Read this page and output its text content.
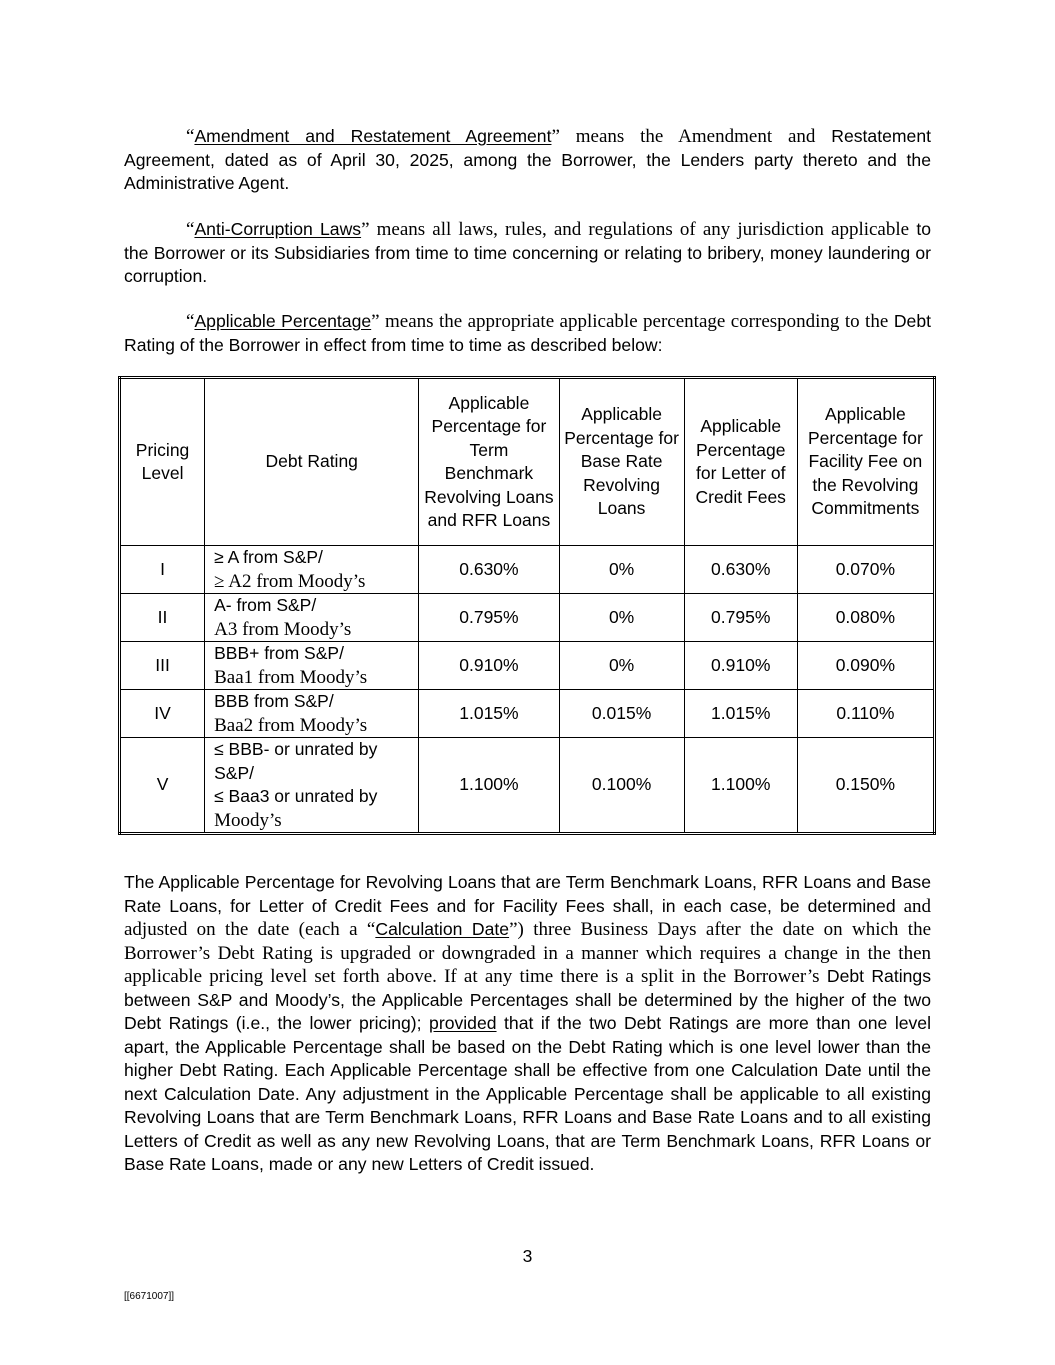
“Amendment and Restatement Agreement” means the Amendment and Restatement Agreement, dated as of April 30, 2025, among the Borrower, the Lenders party thereto and the Administrative Agent.

“Anti-Corruption Laws” means all laws, rules, and regulations of any jurisdiction applicable to the Borrower or its Subsidiaries from time to time concerning or relating to bribery, money laundering or corruption.

“Applicable Percentage” means the appropriate applicable percentage corresponding to the Debt Rating of the Borrower in effect from time to time as described below:

Pricing Level	Debt Rating	Applicable Percentage for Term Benchmark Revolving Loans and RFR Loans	Applicable Percentage for Base Rate Revolving Loans	Applicable Percentage for Letter of Credit Fees	Applicable Percentage for Facility Fee on the Revolving Commitments
I	≥ A from S&P/
≥ A2 from Moody’s	0.630%	0%	0.630%	0.070%
II	A- from S&P/
A3 from Moody’s	0.795%	0%	0.795%	0.080%
III	BBB+ from S&P/
Baa1 from Moody’s	0.910%	0%	0.910%	0.090%
IV	BBB from S&P/
Baa2 from Moody’s	1.015%	0.015%	1.015%	0.110%
V	≤ BBB- or unrated by S&P/
≤ Baa3 or unrated by
Moody’s	1.100%	0.100%	1.100%	0.150%

The Applicable Percentage for Revolving Loans that are Term Benchmark Loans, RFR Loans and Base Rate Loans, for Letter of Credit Fees and for Facility Fees shall, in each case, be determined and adjusted on the date (each a “Calculation Date”) three Business Days after the date on which the Borrower’s Debt Rating is upgraded or downgraded in a manner which requires a change in the then applicable pricing level set forth above. If at any time there is a split in the Borrower’s Debt Ratings between S&P and Moody’s, the Applicable Percentages shall be determined by the higher of the two Debt Ratings (i.e., the lower pricing); provided that if the two Debt Ratings are more than one level apart, the Applicable Percentage shall be based on the Debt Rating which is one level lower than the higher Debt Rating. Each Applicable Percentage shall be effective from one Calculation Date until the next Calculation Date. Any adjustment in the Applicable Percentage shall be applicable to all existing Revolving Loans that are Term Benchmark Loans, RFR Loans and Base Rate Loans and to all existing Letters of Credit as well as any new Revolving Loans, that are Term Benchmark Loans, RFR Loans or Base Rate Loans, made or any new Letters of Credit issued.

3
[[6671007]]
